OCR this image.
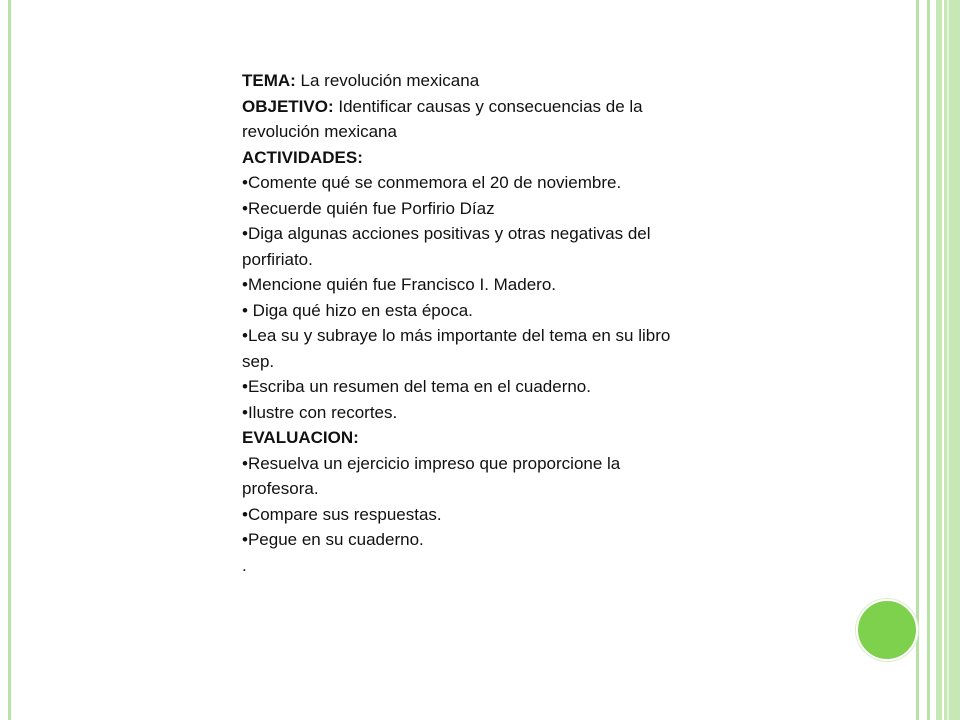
TEMA: La revolución mexicana

OBJETIVO: Identificar causas y consecuencias de la revolución mexicana

ACTIVIDADES:

•Comente qué se conmemora el 20 de noviembre.

•Recuerde quién fue Porfirio Díaz

•Diga algunas acciones positivas y otras negativas del porfiriato.

•Mencione quién fue Francisco I. Madero.

• Diga qué hizo en esta época.

•Lea su y subraye lo más importante del tema en su libro sep.

•Escriba un resumen del tema en el cuaderno.

•Ilustre con recortes.

EVALUACION:

•Resuelva un ejercicio impreso que proporcione la profesora.

•Compare sus respuestas.

•Pegue en su cuaderno.

.
